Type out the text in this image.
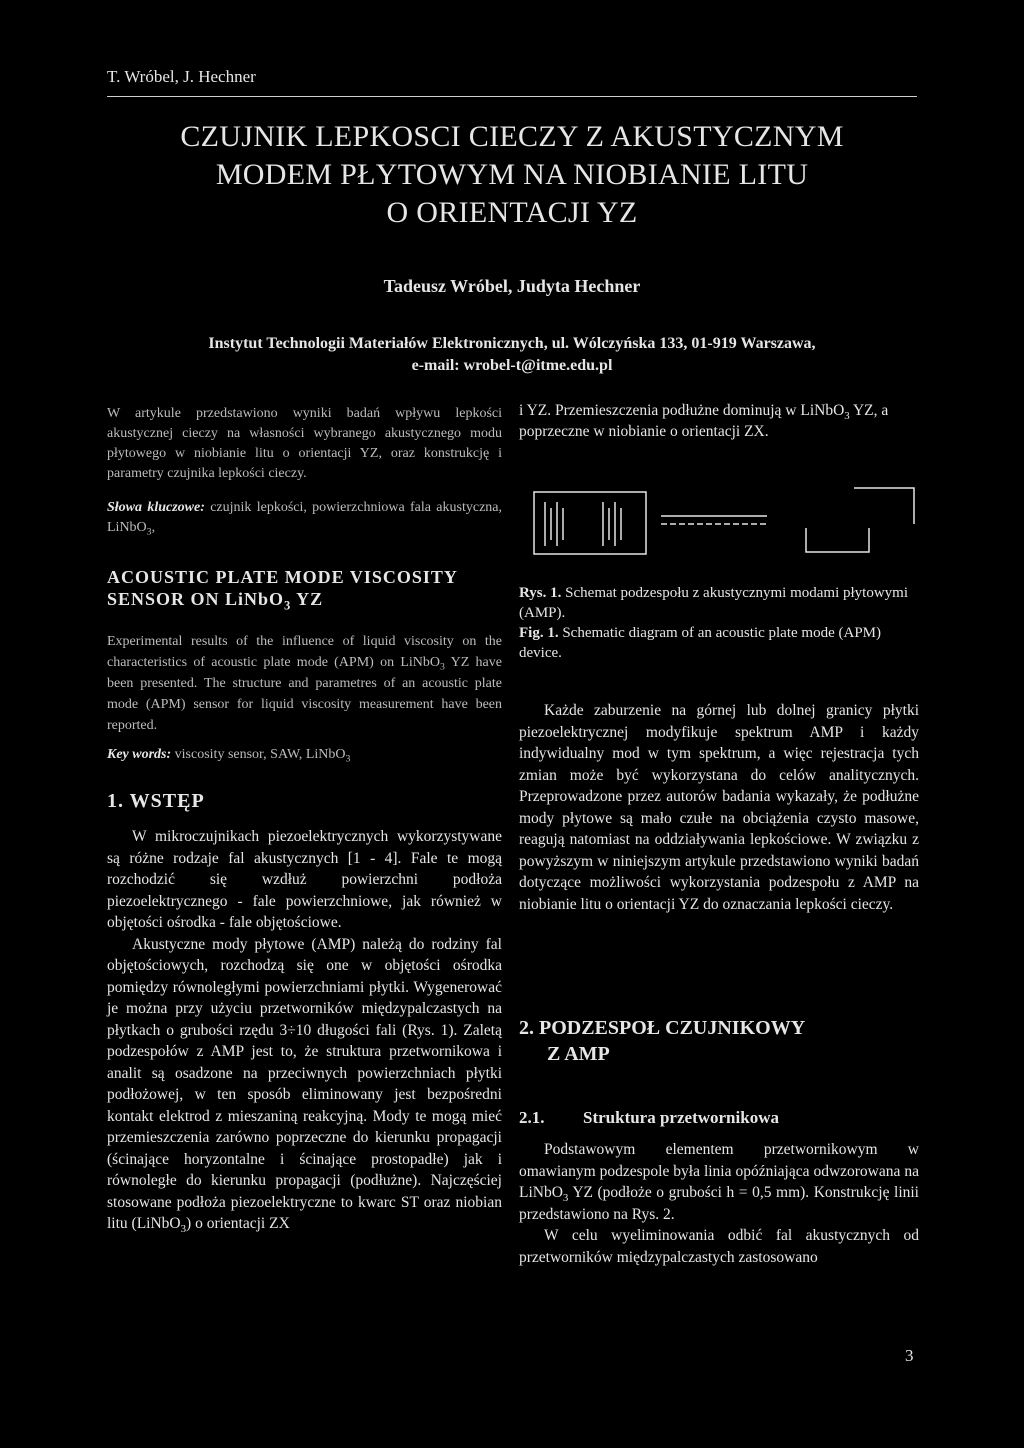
T. Wróbel, J. Hechner
CZUJNIK LEPKOSCI CIECZY Z AKUSTYCZNYM
MODEM PŁYTOWYM NA NIOBIANIE LITU
O ORIENTACJI YZ
Tadeusz Wróbel, Judyta Hechner
Instytut Technologii Materiałów Elektronicznych, ul. Wólczyńska 133, 01-919 Warszawa,
e-mail: wrobel-t@itme.edu.pl
W artykule przedstawiono wyniki badań wpływu lepkości akustycznej cieczy na własności wybranego akustycznego modu płytowego w niobianie litu o orientacji YZ, oraz konstrukcję i parametry czujnika lepkości cieczy.
Słowa kluczowe: czujnik lepkości, powierzchniowa fala akustyczna, LiNbO$_3$,
ACOUSTIC PLATE MODE VISCOSITY
SENSOR ON LiNbO$_3$ YZ
Experimental results of the influence of liquid viscosity on the characteristics of acoustic plate mode (APM) on LiNbO$_3$ YZ have been presented. The structure and parametres of an acoustic plate mode (APM) sensor for liquid viscosity measurement have been reported.
Key words: viscosity sensor, SAW, LiNbO$_3$
1. WSTĘP

W mikroczujnikach piezoelektrycznych wykorzystywane są różne rodzaje fal akustycznych [1 - 4]. Fale te mogą rozchodzić się wzdłuż powierzchni podłoża piezoelektrycznego - fale powierzchniowe, jak również w objętości ośrodka - fale objętościowe.

Akustyczne mody płytowe (AMP) należą do rodziny fal objętościowych, rozchodzą się one w objętości ośrodka pomiędzy równoległymi powierzchniami płytki. Wygenerować je można przy użyciu przetworników międzypalczastych na płytkach o grubości rzędu 3÷10 długości fali (Rys. 1). Zaletą podzespołów z AMP jest to, że struktura przetwornikowa i analit są osadzone na przeciwnych powierzchniach płytki podłożowej, w ten sposób eliminowany jest bezpośredni kontakt elektrod z mieszaniną reakcyjną. Mody te mogą mieć przemieszczenia zarówno poprzeczne do kierunku propagacji (ścinające horyzontalne i ścinające prostopadłe) jak i równoległe do kierunku propagacji (podłużne). Najczęściej stosowane podłoża piezoelektryczne to kwarc ST oraz niobian litu (LiNbO$_3$) o orientacji ZX

i YZ. Przemieszczenia podłużne dominują w LiNbO$_3$ YZ, a poprzeczne w niobianie o orientacji ZX.
Rys. 1. Schemat podzespołu z akustycznymi modami płytowymi (AMP).
Fig. 1. Schematic diagram of an acoustic plate mode (APM) device.

Każde zaburzenie na górnej lub dolnej granicy płytki piezoelektrycznej modyfikuje spektrum AMP i każdy indywidualny mod w tym spektrum, a więc rejestracja tych zmian może być wykorzystana do celów analitycznych. Przeprowadzone przez autorów badania wykazały, że podłużne mody płytowe są mało czułe na obciążenia czysto masowe, reagują natomiast na oddziaływania lepkościowe. W związku z powyższym w niniejszym artykule przedstawiono wyniki badań dotyczące możliwości wykorzystania podzespołu z AMP na niobianie litu o orientacji YZ do oznaczania lepkości cieczy.

2. PODZESPOŁ CZUJNIKOWY
Z AMP
2.1. Struktura przetwornikowa

Podstawowym elementem przetwornikowym w omawianym podzespole była linia opóźniająca odwzorowana na LiNbO$_3$ YZ (podłoże o grubości h = 0,5 mm). Konstrukcję linii przedstawiono na Rys. 2.

W celu wyeliminowania odbić fal akustycznych od przetworników międzypalczastych zastosowano

3
